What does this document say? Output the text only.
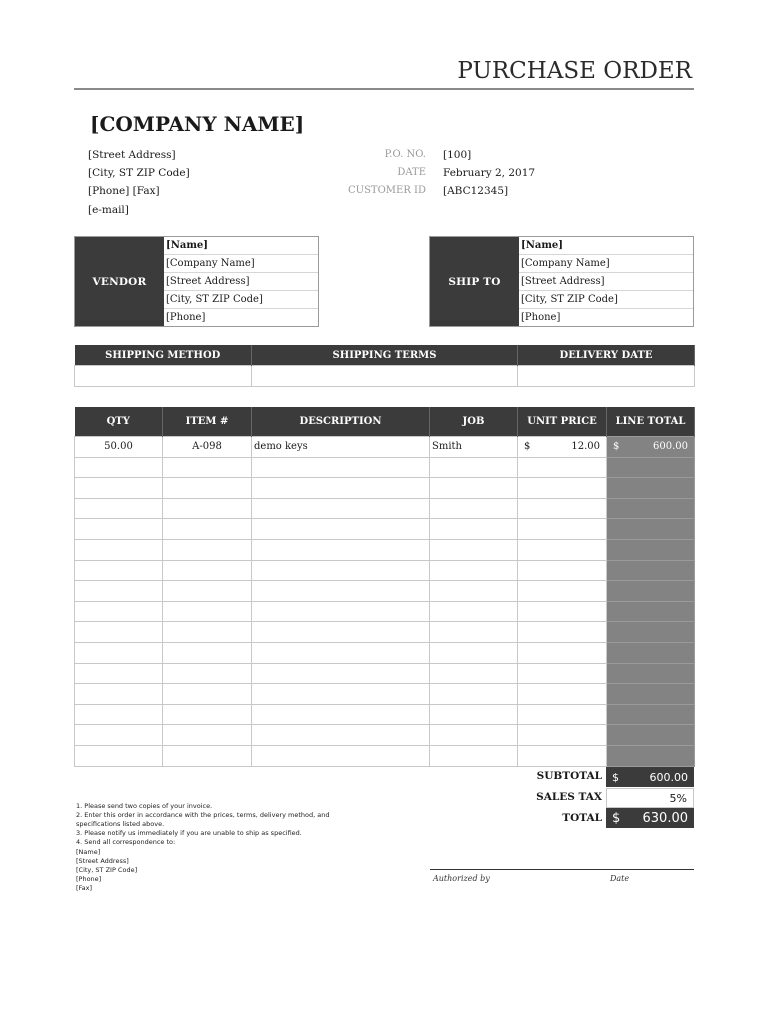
PURCHASE ORDER
[COMPANY NAME]
[Street Address]
[City, ST ZIP Code]
[Phone] [Fax]
[e-mail]
P.O. NO. [100]
DATE February 2, 2017
CUSTOMER ID [ABC12345]
VENDOR
[Name]
[Company Name]
[Street Address]
[City, ST ZIP Code]
[Phone]
SHIP TO
[Name]
[Company Name]
[Street Address]
[City, ST ZIP Code]
[Phone]
SHIPPING METHOD	SHIPPING TERMS	DELIVERY DATE

QTY	ITEM #	DESCRIPTION	JOB	UNIT PRICE	LINE TOTAL
50.00	A-098	demo keys	Smith	$ 12.00	$ 600.00

SUBTOTAL $	600.00
SALES TAX	5%
TOTAL $ 630.00
1. Please send two copies of your invoice.
2. Enter this order in accordance with the prices, terms, delivery method, and
specifications listed above.
3. Please notify us immediately if you are unable to ship as specified.
4. Send all correspondence to:
[Name]
[Street Address]
[City, ST ZIP Code]
[Phone]
[Fax]
Authorized by	Date
